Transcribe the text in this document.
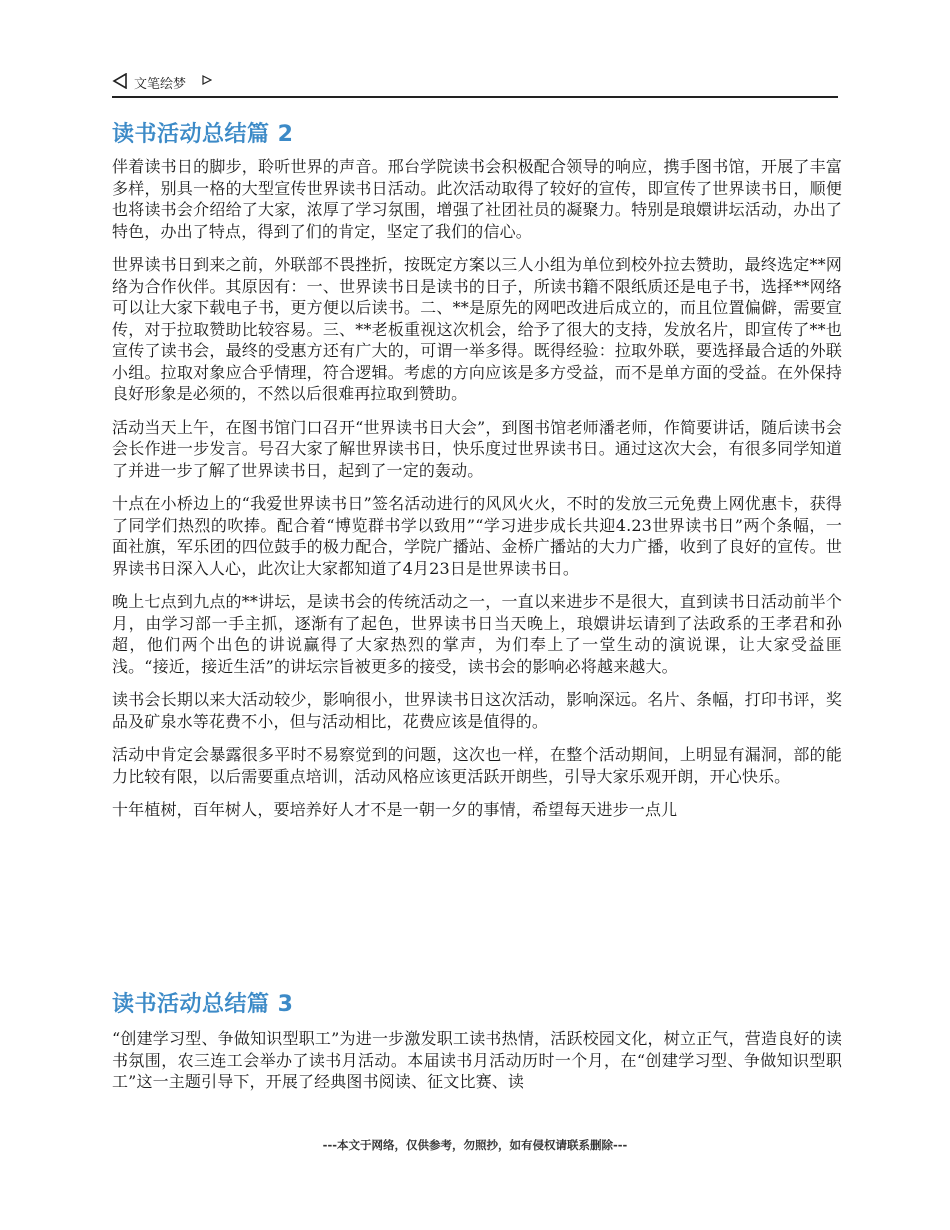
文笔绘梦
读书活动总结篇 2

伴着读书日的脚步，聆听世界的声音。邢台学院读书会积极配合领导的响应，携手图书馆，开展了丰富多样，别具一格的大型宣传世界读书日活动。此次活动取得了较好的宣传，即宣传了世界读书日，顺便也将读书会介绍给了大家，浓厚了学习氛围，增强了社团社员的凝聚力。特别是琅嬛讲坛活动，办出了特色，办出了特点，得到了们的肯定，坚定了我们的信心。

世界读书日到来之前，外联部不畏挫折，按既定方案以三人小组为单位到校外拉去赞助，最终选定**网络为合作伙伴。其原因有：一、世界读书日是读书的日子，所读书籍不限纸质还是电子书，选择**网络可以让大家下载电子书，更方便以后读书。二、**是原先的网吧改进后成立的，而且位置偏僻，需要宣传，对于拉取赞助比较容易。三、**老板重视这次机会，给予了很大的支持，发放名片，即宣传了**也宣传了读书会，最终的受惠方还有广大的，可谓一举多得。既得经验：拉取外联，要选择最合适的外联小组。拉取对象应合乎情理，符合逻辑。考虑的方向应该是多方受益，而不是单方面的受益。在外保持良好形象是必须的，不然以后很难再拉取到赞助。

活动当天上午，在图书馆门口召开“世界读书日大会”，到图书馆老师潘老师，作简要讲话，随后读书会会长作进一步发言。号召大家了解世界读书日，快乐度过世界读书日。通过这次大会，有很多同学知道了并进一步了解了世界读书日，起到了一定的轰动。

十点在小桥边上的“我爱世界读书日”签名活动进行的风风火火，不时的发放三元免费上网优惠卡，获得了同学们热烈的吹捧。配合着“博览群书学以致用”“学习进步成长共迎4.23世界读书日”两个条幅，一面社旗，军乐团的四位鼓手的极力配合，学院广播站、金桥广播站的大力广播，收到了良好的宣传。世界读书日深入人心，此次让大家都知道了4月23日是世界读书日。

晚上七点到九点的**讲坛，是读书会的传统活动之一，一直以来进步不是很大，直到读书日活动前半个月，由学习部一手主抓，逐渐有了起色，世界读书日当天晚上，琅嬛讲坛请到了法政系的王孝君和孙超，他们两个出色的讲说赢得了大家热烈的掌声，为们奉上了一堂生动的演说课，让大家受益匪浅。“接近，接近生活”的讲坛宗旨被更多的接受，读书会的影响必将越来越大。

读书会长期以来大活动较少，影响很小，世界读书日这次活动，影响深远。名片、条幅，打印书评，奖品及矿泉水等花费不小，但与活动相比，花费应该是值得的。

活动中肯定会暴露很多平时不易察觉到的问题，这次也一样，在整个活动期间，上明显有漏洞，部的能力比较有限，以后需要重点培训，活动风格应该更活跃开朗些，引导大家乐观开朗，开心快乐。

十年植树，百年树人，要培养好人才不是一朝一夕的事情，希望每天进步一点儿

读书活动总结篇 3

“创建学习型、争做知识型职工”为进一步激发职工读书热情，活跃校园文化，树立正气，营造良好的读书氛围，农三连工会举办了读书月活动。本届读书月活动历时一个月，在“创建学习型、争做知识型职工”这一主题引导下，开展了经典图书阅读、征文比赛、读

---本文于网络，仅供参考，勿照抄，如有侵权请联系删除---
